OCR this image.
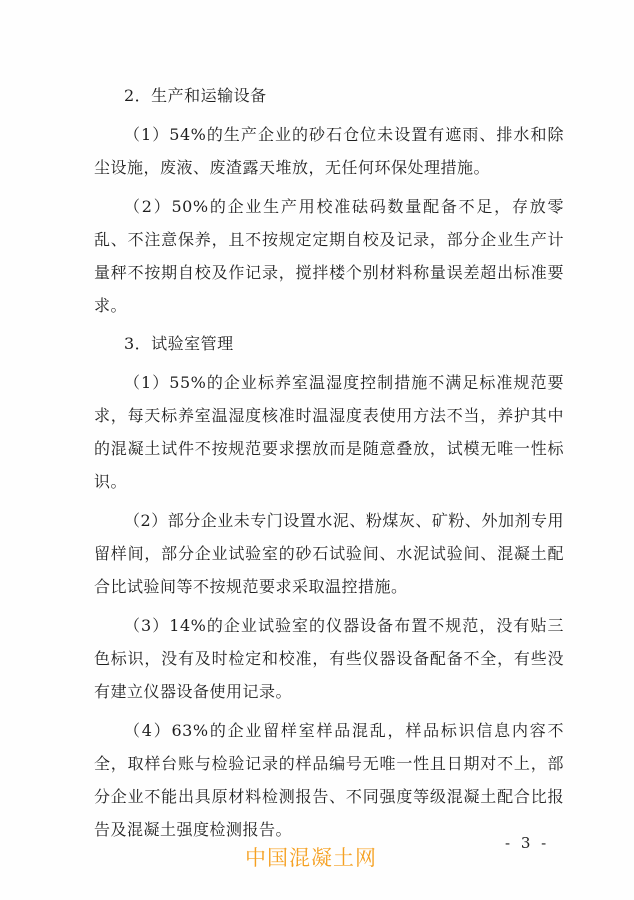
2．生产和运输设备

（1）54%的生产企业的砂石仓位未设置有遮雨、排水和除尘设施，废液、废渣露天堆放，无任何环保处理措施。

（2）50%的企业生产用校准砝码数量配备不足，存放零乱、不注意保养，且不按规定定期自校及记录，部分企业生产计量秤不按期自校及作记录，搅拌楼个别材料称量误差超出标准要求。

3．试验室管理

（1）55%的企业标养室温湿度控制措施不满足标准规范要求，每天标养室温湿度核准时温湿度表使用方法不当，养护其中的混凝土试件不按规范要求摆放而是随意叠放，试模无唯一性标识。

（2）部分企业未专门设置水泥、粉煤灰、矿粉、外加剂专用留样间，部分企业试验室的砂石试验间、水泥试验间、混凝土配合比试验间等不按规范要求采取温控措施。

（3）14%的企业试验室的仪器设备布置不规范，没有贴三色标识，没有及时检定和校准，有些仪器设备配备不全，有些没有建立仪器设备使用记录。

（4）63%的企业留样室样品混乱，样品标识信息内容不全，取样台账与检验记录的样品编号无唯一性且日期对不上，部分企业不能出具原材料检测报告、不同强度等级混凝土配合比报告及混凝土强度检测报告。

中国混凝土网
- 3 -
